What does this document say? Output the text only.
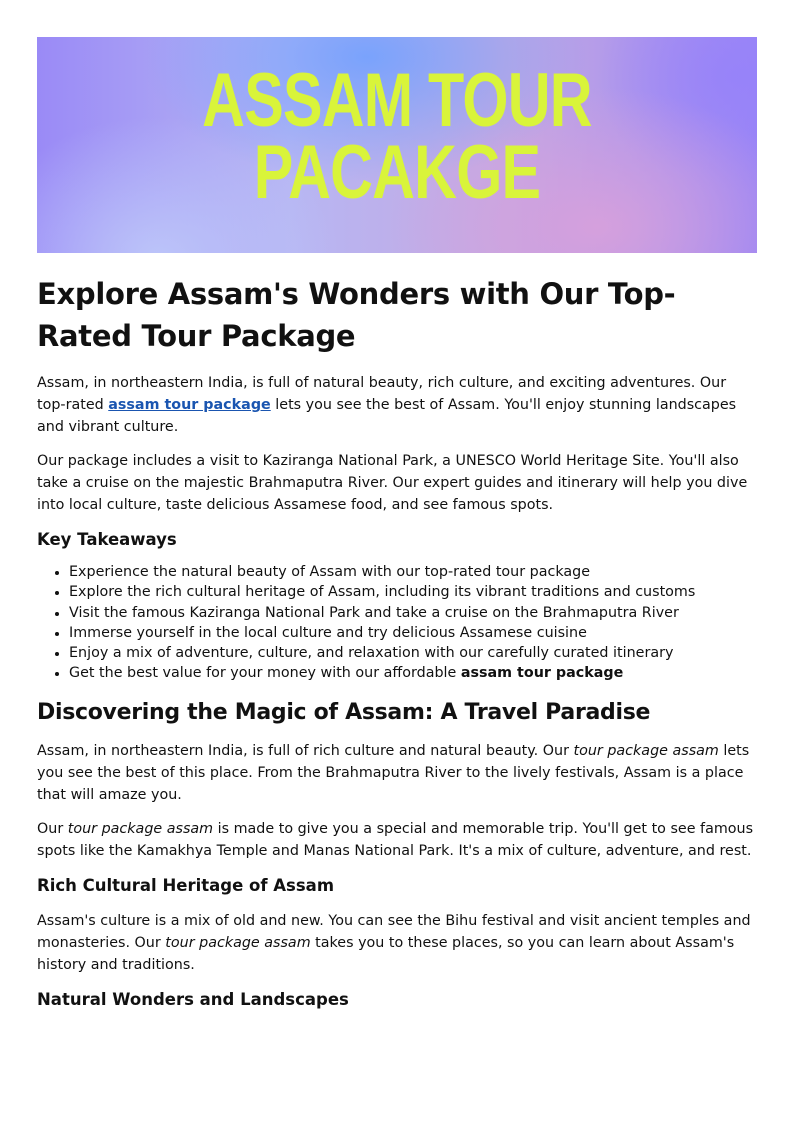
ASSAM TOUR
PACAKGE
Explore Assam's Wonders with Our Top-Rated Tour Package

Assam, in northeastern India, is full of natural beauty, rich culture, and exciting adventures. Our top-rated assam tour package lets you see the best of Assam. You'll enjoy stunning landscapes and vibrant culture.

Our package includes a visit to Kaziranga National Park, a UNESCO World Heritage Site. You'll also take a cruise on the majestic Brahmaputra River. Our expert guides and itinerary will help you dive into local culture, taste delicious Assamese food, and see famous spots.

Key Takeaways
• Experience the natural beauty of Assam with our top-rated tour package
• Explore the rich cultural heritage of Assam, including its vibrant traditions and customs
• Visit the famous Kaziranga National Park and take a cruise on the Brahmaputra River
• Immerse yourself in the local culture and try delicious Assamese cuisine
• Enjoy a mix of adventure, culture, and relaxation with our carefully curated itinerary
• Get the best value for your money with our affordable assam tour package
Discovering the Magic of Assam: A Travel Paradise

Assam, in northeastern India, is full of rich culture and natural beauty. Our tour package assam lets you see the best of this place. From the Brahmaputra River to the lively festivals, Assam is a place that will amaze you.

Our tour package assam is made to give you a special and memorable trip. You'll get to see famous spots like the Kamakhya Temple and Manas National Park. It's a mix of culture, adventure, and rest.

Rich Cultural Heritage of Assam

Assam's culture is a mix of old and new. You can see the Bihu festival and visit ancient temples and monasteries. Our tour package assam takes you to these places, so you can learn about Assam's history and traditions.

Natural Wonders and Landscapes
